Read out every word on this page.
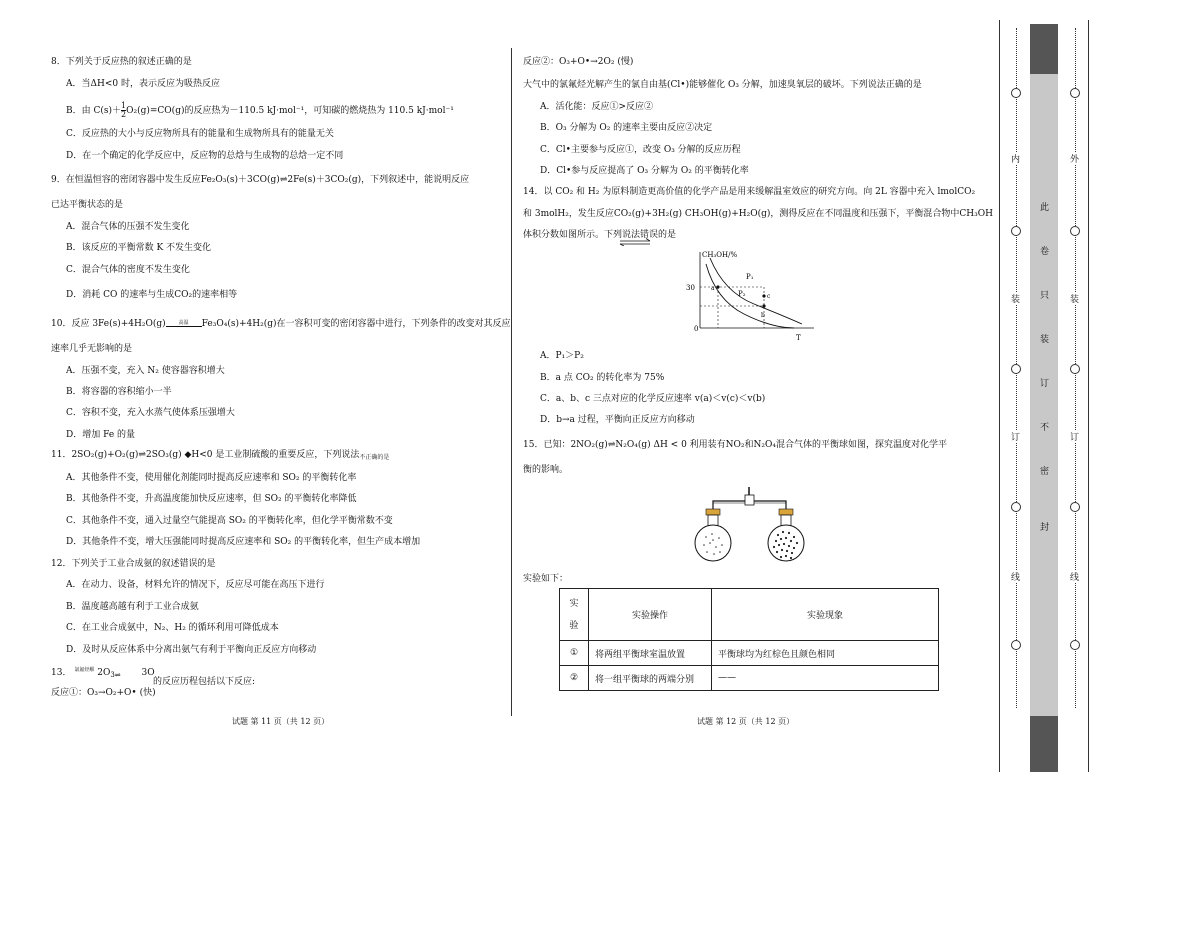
8．下列关于反应热的叙述正确的是
A．当ΔH<0 时，表示反应为吸热反应
B．由 $C(s)+ \frac{1}{2} O_2(g)=CO(g)$的反应热为－110.5 kJ·mol⁻¹，可知碳的燃烧热为 110.5 kJ·mol⁻¹
C．反应热的大小与反应物所具有的能量和生成物所具有的能量无关
D．在一个确定的化学反应中，反应物的总焓与生成物的总焓一定不同
9．在恒温恒容的密闭容器中发生反应Fe₂O₃(s)＋3CO(g)⇌2Fe(s)＋3CO₂(g)，下列叙述中，能说明反应
已达平衡状态的是
A．混合气体的压强不发生变化
B．该反应的平衡常数 K 不发生变化
C．混合气体的密度不发生变化
D．消耗 CO 的速率与生成CO₂的速率相等
10．反应 3Fe(s)+4H₂O(g)	高温	Fe₃O₄(s)+4H₂(g)在一容积可变的密闭容器中进行，下列条件的改变对其反应
速率几乎无影响的是
A．压强不变，充入 N₂ 使容器容积增大
B．将容器的容积缩小一半
C．容积不变，充入水蒸气使体系压强增大
D．增加 Fe 的量
11．2SO₂(g)+O₂(g)⇌2SO₃(g) ◆H<0 是工业制硫酸的重要反应，下列说法$_{不正确的是}$
A．其他条件不变，使用催化剂能同时提高反应速率和 SO₂ 的平衡转化率
B．其他条件不变，升高温度能加快反应速率，但 SO₂ 的平衡转化率降低
C．其他条件不变，通入过量空气能提高 SO₂ 的平衡转化率，但化学平衡常数不变
D．其他条件不变，增大压强能同时提高反应速率和 SO₂ 的平衡转化率，但生产成本增加
12．下列关于工业合成氨的叙述错误的是
A．在动力、设备，材料允许的情况下，反应尽可能在高压下进行
B．温度越高越有利于工业合成氨
C．在工业合成氨中，N₂、H₂ 的循环利用可降低成本
D．及时从反应体系中分离出氨气有利于平衡向正反应方向移动
13． $^{氯氟烃解}$ $2O_{3\rightleftharpoons}$ 3O
的反应历程包括以下反应:
反应①：O₃→O₂+O• (快)
试题 第 11 页（共 12 页）
反应②：O₃+O•→2O₂ (慢)
大气中的氯氟烃光解产生的氯自由基(Cl•)能够催化 O₃ 分解，加速臭氧层的破坏。下列说法正确的是
A．活化能：反应①>反应②
B．O₃ 分解为 O₂ 的速率主要由反应②决定
C．Cl•主要参与反应①，改变 O₃ 分解的反应历程
D．Cl•参与反应提高了 O₃ 分解为 O₂ 的平衡转化率
14．以 CO₂ 和 H₂ 为原料制造更高价值的化学产品是用来缓解温室效应的研究方向。向 2L 容器中充入 lmolCO₂
和 3molH₂，发生反应CO₂(g)+3H₂(g) CH₃OH(g)+H₂O(g)，测得反应在不同温度和压强下，平衡混合物中CH₃OH
体积分数如图所示。下列说法错误的是
CH₃OH/%
30
0
T
P₁
P₂
a
c
b
A．P₁＞P₂
B．a 点 CO₂ 的转化率为 75%
C．a、b、c 三点对应的化学反应速率 v(a)＜v(c)＜v(b)
D．b→a 过程，平衡向正反应方向移动
15．已知：2NO₂(g)⇌N₂O₄(g) ΔH < 0 利用装有NO₂和N₂O₄混合气体的平衡球如图，探究温度对化学平
衡的影响。
实验如下：
实
验	实验操作	实验现象
①	将两组平衡球室温放置	平衡球均为红棕色且颜色相同
②	将一组平衡球的两端分别	——
试题 第 12 页（共 12 页）
内
装
订
线
此
卷
只
装
订
不
密
封
外
装
订
线
